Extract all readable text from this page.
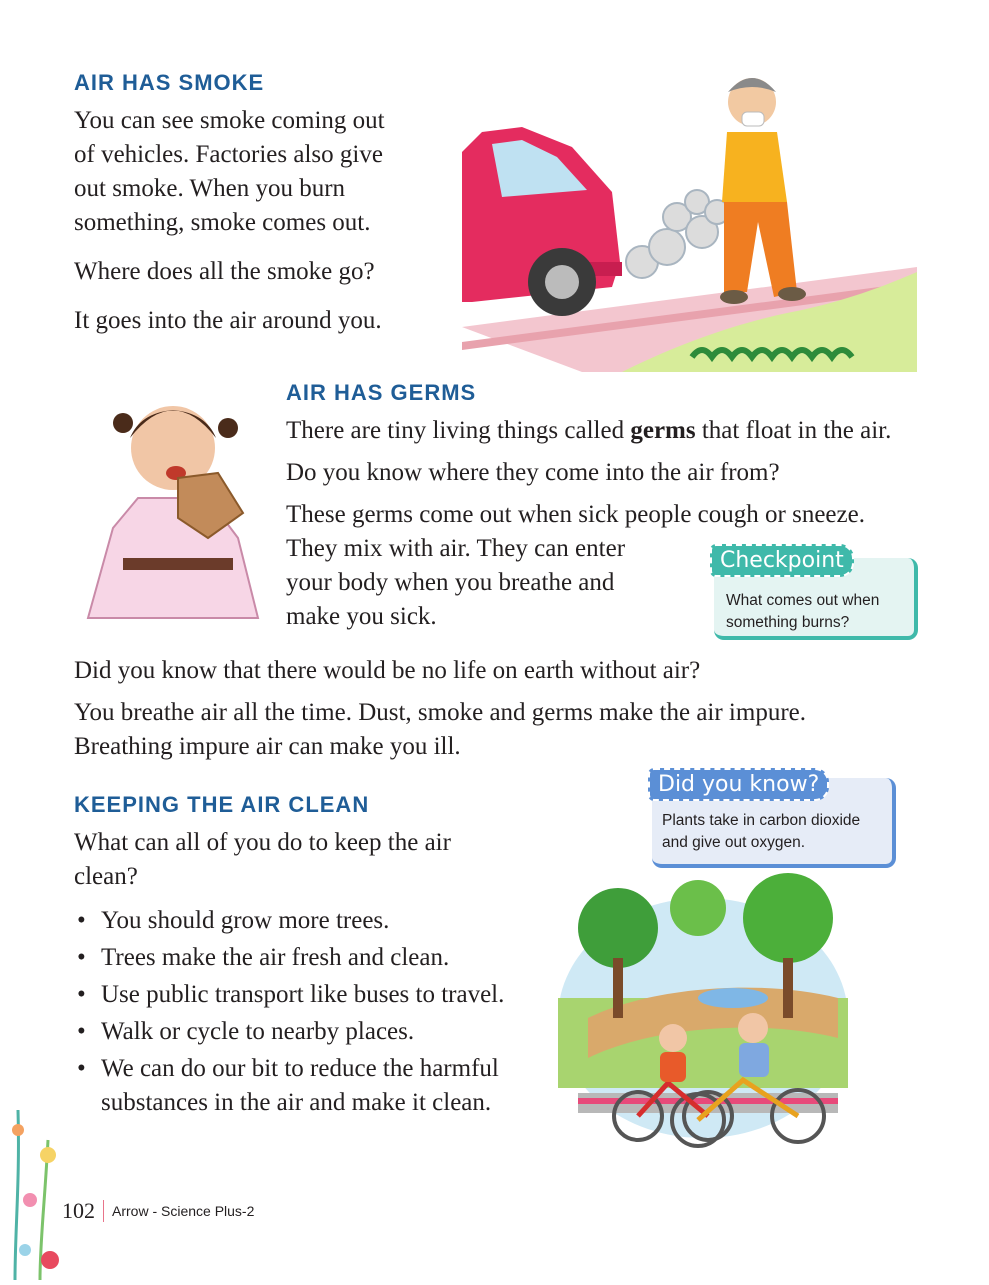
AIR HAS SMOKE

You can see smoke coming out

of vehicles. Factories also give

out smoke. When you burn

something, smoke comes out.

Where does all the smoke go?

It goes into the air around you.

AIR HAS GERMS

There are tiny living things called germs that float in the air.

Do you know where they come into the air from?

These germs come out when sick people cough or sneeze.

They mix with air. They can enter

your body when you breathe and

make you sick.

What comes out when
something burns?
Checkpoint

Did you know that there would be no life on earth without air?

You breathe air all the time. Dust, smoke and germs make the air impure.

Breathing impure air can make you ill.

Plants take in carbon dioxide
and give out oxygen.
Did you know?
KEEPING THE AIR CLEAN

What can all of you do to keep the air

clean?

• You should grow more trees.
• Trees make the air fresh and clean.
• Use public transport like buses to travel.
• Walk or cycle to nearby places.
• We can do our bit to reduce the harmful
substances in the air and make it clean.
102 Arrow - Science Plus-2
